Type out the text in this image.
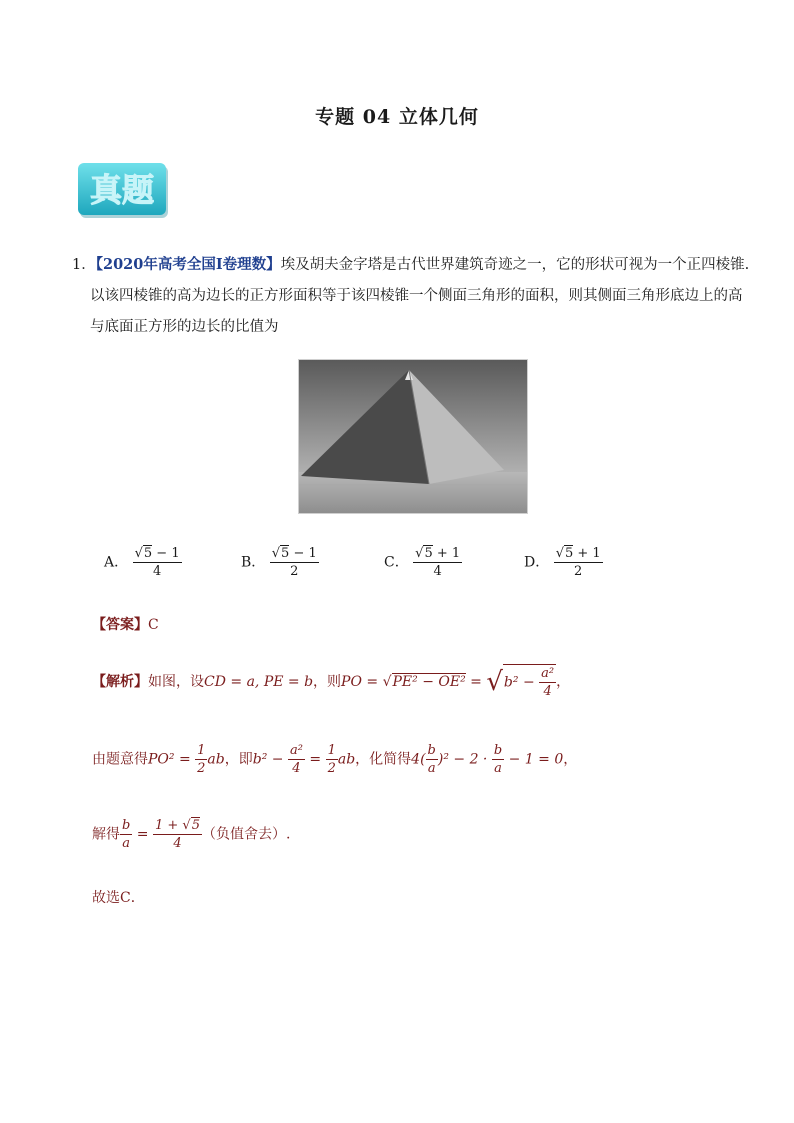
专题 04 立体几何
真题
1．【2020年高考全国Ⅰ卷理数】埃及胡夫金字塔是古代世界建筑奇迹之一，它的形状可视为一个正四棱锥.
以该四棱锥的高为边长的正方形面积等于该四棱锥一个侧面三角形的面积，则其侧面三角形底边上的高
与底面正方形的边长的比值为
A． $\frac{√5 - 1}{4}$	B． $\frac{√5 - 1}{2}$	C． $\frac{√5 + 1}{4}$	D． $\frac{√5 + 1}{2}$
【答案】C
【解析】如图，设CD = a, PE = b，则PO = $√PE^2 - OE^2 = √b^2 - \frac{\text{a²}}{4}$ ，
由题意得$PO^2 = \frac{1}{2}$ ab，即$b^2 - \frac{\text{a²}}{4} = \frac{1}{2}$ ab，化简得$4( \frac{b}{a} )^2 - 2 \cdot \frac{b}{a} - 1 = 0$，
解得 $\frac{b}{a} = \frac{1 + √5}{4}$ （负值舍去）.
故选C．
